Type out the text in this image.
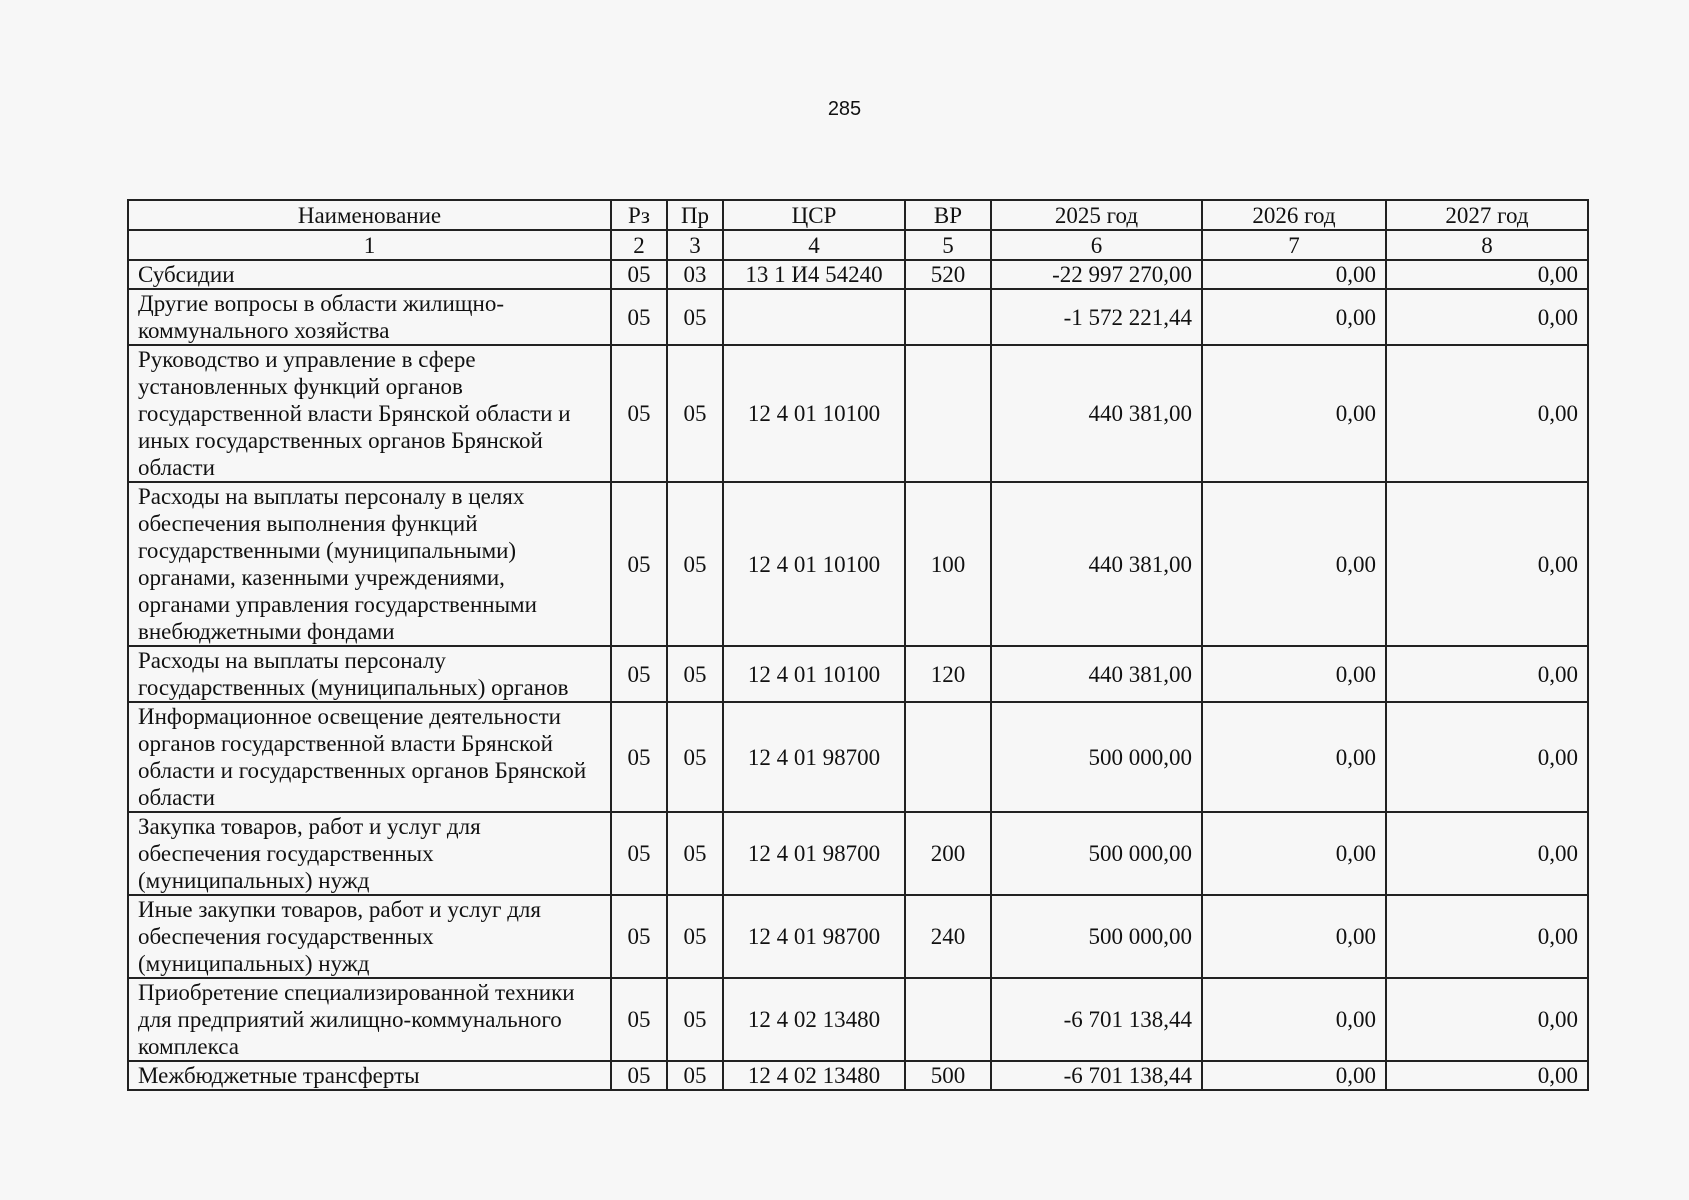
285
Наименование	Рз	Пр	ЦСР	ВР	2025 год	2026 год	2027 год
1	2	3	4	5	6	7	8
Субсидии	05	03	13 1 И4 54240	520	-22 997 270,00	0,00	0,00
Другие вопросы в области жилищно-коммунального хозяйства	05	05			-1 572 221,44	0,00	0,00
Руководство и управление в сфере установленных функций органов государственной власти Брянской области и иных государственных органов Брянской области	05	05	12 4 01 10100		440 381,00	0,00	0,00
Расходы на выплаты персоналу в целях обеспечения выполнения функций государственными (муниципальными) органами, казенными учреждениями, органами управления государственными внебюджетными фондами	05	05	12 4 01 10100	100	440 381,00	0,00	0,00
Расходы на выплаты персоналу государственных (муниципальных) органов	05	05	12 4 01 10100	120	440 381,00	0,00	0,00
Информационное освещение деятельности органов государственной власти Брянской области и государственных органов Брянской области	05	05	12 4 01 98700		500 000,00	0,00	0,00
Закупка товаров, работ и услуг для обеспечения государственных (муниципальных) нужд	05	05	12 4 01 98700	200	500 000,00	0,00	0,00
Иные закупки товаров, работ и услуг для обеспечения государственных (муниципальных) нужд	05	05	12 4 01 98700	240	500 000,00	0,00	0,00
Приобретение специализированной техники для предприятий жилищно-коммунального комплекса	05	05	12 4 02 13480		-6 701 138,44	0,00	0,00
Межбюджетные трансферты	05	05	12 4 02 13480	500	-6 701 138,44	0,00	0,00
